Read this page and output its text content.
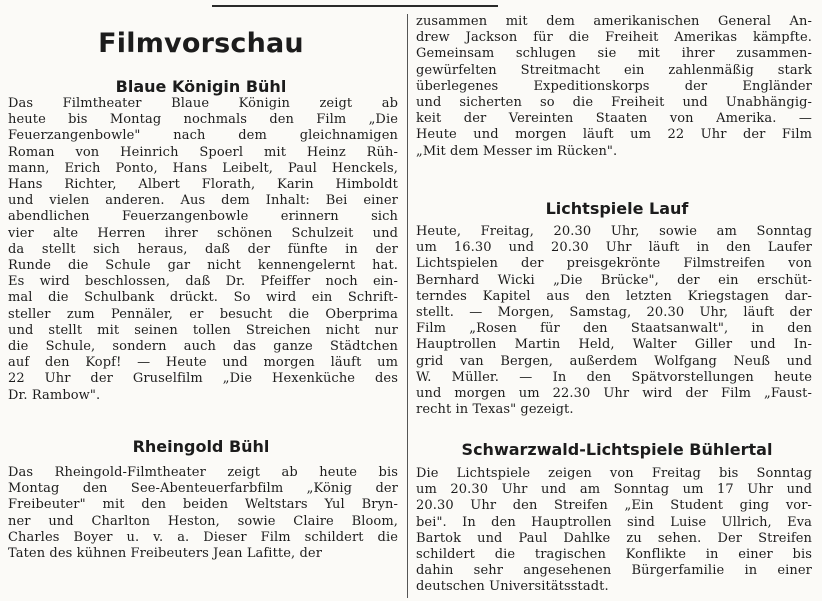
Filmvorschau
Blaue Königin Bühl
Das Filmtheater Blaue Königin zeigt ab
heute bis Montag nochmals den Film „Die
Feuerzangenbowle" nach dem gleichnamigen
Roman von Heinrich Spoerl mit Heinz Rüh-
mann, Erich Ponto, Hans Leibelt, Paul Henckels,
Hans Richter, Albert Florath, Karin Himboldt
und vielen anderen. Aus dem Inhalt: Bei einer
abendlichen Feuerzangenbowle erinnern sich
vier alte Herren ihrer schönen Schulzeit und
da stellt sich heraus, daß der fünfte in der
Runde die Schule gar nicht kennengelernt hat.
Es wird beschlossen, daß Dr. Pfeiffer noch ein-
mal die Schulbank drückt. So wird ein Schrift-
steller zum Pennäler, er besucht die Oberprima
und stellt mit seinen tollen Streichen nicht nur
die Schule, sondern auch das ganze Städtchen
auf den Kopf! — Heute und morgen läuft um
22 Uhr der Gruselfilm „Die Hexenküche des
Dr. Rambow".
Rheingold Bühl
Das Rheingold-Filmtheater zeigt ab heute bis
Montag den See-Abenteuerfarbfilm „König der
Freibeuter" mit den beiden Weltstars Yul Bryn-
ner und Charlton Heston, sowie Claire Bloom,
Charles Boyer u. v. a. Dieser Film schildert die
Taten des kühnen Freibeuters Jean Lafitte, der
zusammen mit dem amerikanischen General An-
drew Jackson für die Freiheit Amerikas kämpfte.
Gemeinsam schlugen sie mit ihrer zusammen-
gewürfelten Streitmacht ein zahlenmäßig stark
überlegenes Expeditionskorps der Engländer
und sicherten so die Freiheit und Unabhängig-
keit der Vereinten Staaten von Amerika. —
Heute und morgen läuft um 22 Uhr der Film
„Mit dem Messer im Rücken".
Lichtspiele Lauf
Heute, Freitag, 20.30 Uhr, sowie am Sonntag
um 16.30 und 20.30 Uhr läuft in den Laufer
Lichtspielen der preisgekrönte Filmstreifen von
Bernhard Wicki „Die Brücke", der ein erschüt-
terndes Kapitel aus den letzten Kriegstagen dar-
stellt. — Morgen, Samstag, 20.30 Uhr, läuft der
Film „Rosen für den Staatsanwalt", in den
Hauptrollen Martin Held, Walter Giller und In-
grid van Bergen, außerdem Wolfgang Neuß und
W. Müller. — In den Spätvorstellungen heute
und morgen um 22.30 Uhr wird der Film „Faust-
recht in Texas" gezeigt.
Schwarzwald-Lichtspiele Bühlertal
Die Lichtspiele zeigen von Freitag bis Sonntag
um 20.30 Uhr und am Sonntag um 17 Uhr und
20.30 Uhr den Streifen „Ein Student ging vor-
bei". In den Hauptrollen sind Luise Ullrich, Eva
Bartok und Paul Dahlke zu sehen. Der Streifen
schildert die tragischen Konflikte in einer bis
dahin sehr angesehenen Bürgerfamilie in einer
deutschen Universitätsstadt.
